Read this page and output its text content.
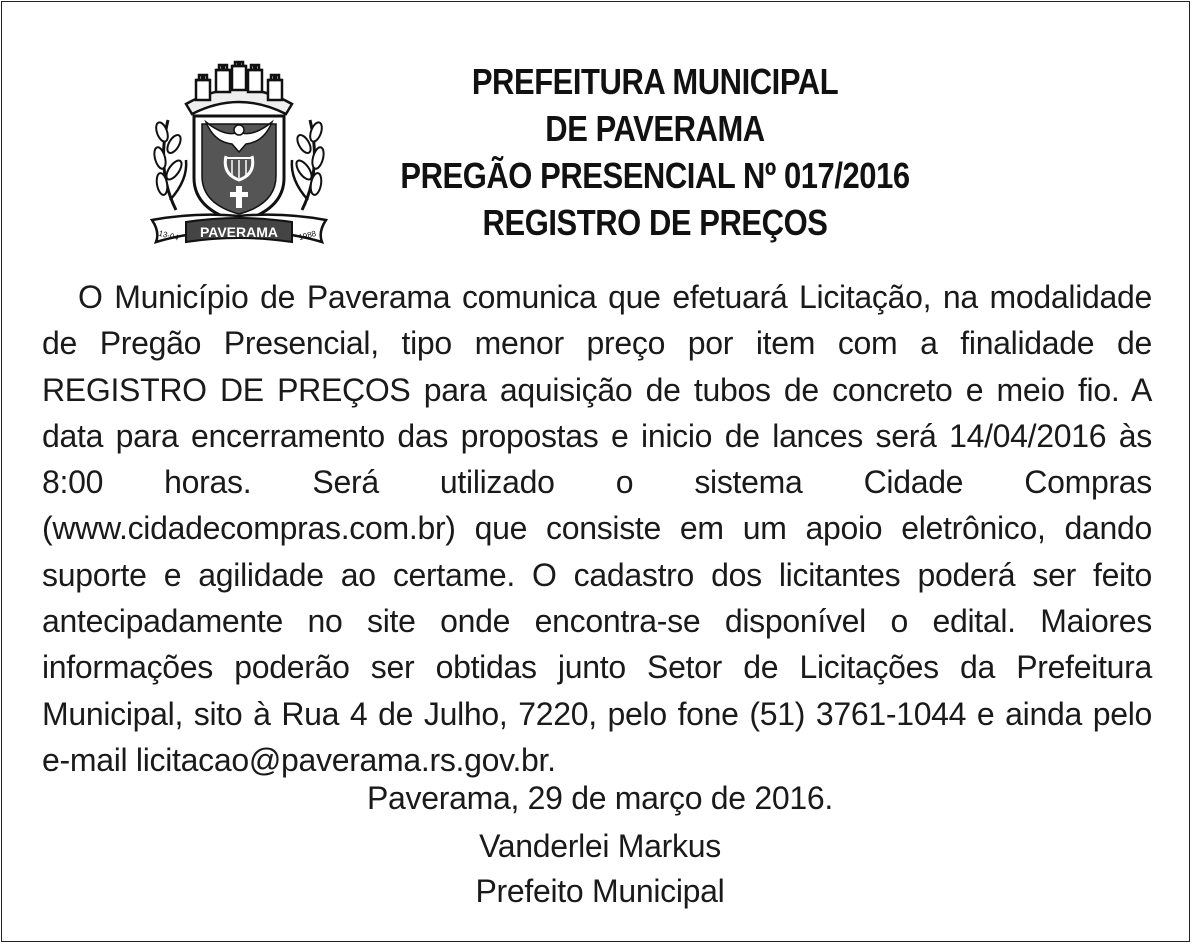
PAVERAMA
13-04	1988
PREFEITURA MUNICIPAL
DE PAVERAMA
PREGÃO PRESENCIAL Nº 017/2016
REGISTRO DE PREÇOS

O Município de Paverama comunica que efetuará Licitação, na modalidade de Pregão Presencial, tipo menor preço por item com a finalidade de REGISTRO DE PREÇOS para aquisição de tubos de concreto e meio fio. A data para encerramento das propostas e inicio de lances será 14/04/2016 às 8:00 horas. Será utilizado o sistema Cidade Compras (www.cidadecompras.com.br) que consiste em um apoio eletrônico, dando suporte e agilidade ao certame. O cadastro dos licitantes poderá ser feito antecipadamente no site onde encontra-se disponível o edital. Maiores informações poderão ser obtidas junto Setor de Licitações da Prefeitura Municipal, sito à Rua 4 de Julho, 7220, pelo fone (51) 3761-1044 e ainda pelo e-mail licitacao@paverama.rs.gov.br.

Paverama, 29 de março de 2016.
Vanderlei Markus
Prefeito Municipal
